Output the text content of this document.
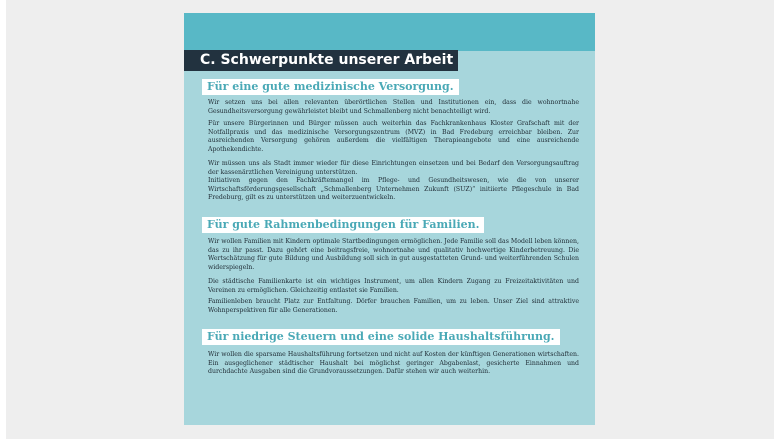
C. Schwerpunkte unserer Arbeit
Für eine gute medizinische Versorgung.

Wir setzen uns bei allen relevanten überörtlichen Stellen und Institutionen ein, dass die wohnortnahe Gesundheitsversorgung gewährleistet bleibt und Schmallenberg nicht benachteiligt wird.

Für unsere Bürgerinnen und Bürger müssen auch weiterhin das Fachkrankenhaus Kloster Grafschaft mit der Notfallpraxis und das medizinische Versorgungszentrum (MVZ) in Bad Fredeburg erreichbar bleiben. Zur ausreichenden Versorgung gehören außerdem die vielfältigen Therapieangebote und eine ausreichende Apothekendichte.

Wir müssen uns als Stadt immer wieder für diese Einrichtungen einsetzen und bei Bedarf den Versorgungsauftrag der kassenärztlichen Vereinigung unterstützen.

Initiativen gegen den Fachkräftemangel im Pflege- und Gesundheitswesen, wie die von unserer Wirtschaftsförderungsgesellschaft „Schmallenberg Unternehmen Zukunft (SUZ)“ initiierte Pflegeschule in Bad Fredeburg, gilt es zu unterstützen und weiterzuentwickeln.

Für gute Rahmenbedingungen für Familien.

Wir wollen Familien mit Kindern optimale Startbedingungen ermöglichen. Jede Familie soll das Modell leben können, das zu ihr passt. Dazu gehört eine beitragsfreie, wohnortnahe und qualitativ hochwertige Kinderbetreuung. Die Wertschätzung für gute Bildung und Ausbildung soll sich in gut ausgestatteten Grund- und weiterführenden Schulen widerspiegeln.

Die städtische Familienkarte ist ein wichtiges Instrument, um allen Kindern Zugang zu Freizeitaktivitäten und Vereinen zu ermöglichen. Gleichzeitig entlastet sie Familien.

Familienleben braucht Platz zur Entfaltung. Dörfer brauchen Familien, um zu leben. Unser Ziel sind attraktive Wohnperspektiven für alle Generationen.

Für niedrige Steuern und eine solide Haushaltsführung.

Wir wollen die sparsame Haushaltsführung fortsetzen und nicht auf Kosten der künftigen Generationen wirtschaften. Ein ausgeglichener städtischer Haushalt bei möglichst geringer Abgabenlast, gesicherte Einnahmen und durchdachte Ausgaben sind die Grundvoraussetzungen. Dafür stehen wir auch weiterhin.
